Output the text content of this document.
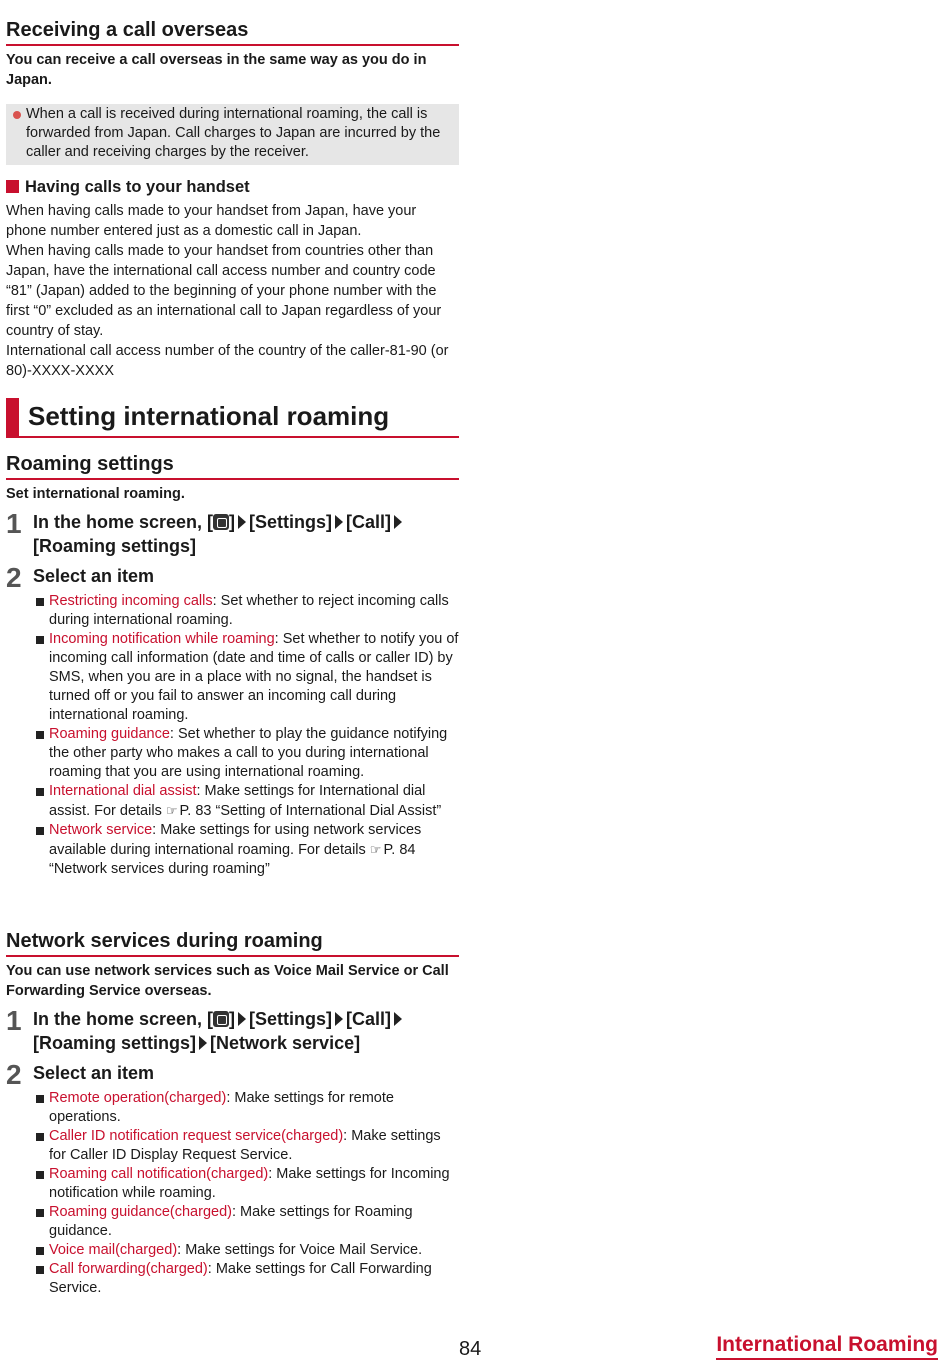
Receiving a call overseas

You can receive a call overseas in the same way as you do in Japan.

When a call is received during international roaming, the call is forwarded from Japan. Call charges to Japan are incurred by the caller and receiving charges by the receiver.
Having calls to your handset
When having calls made to your handset from Japan, have your phone number entered just as a domestic call in Japan.
When having calls made to your handset from countries other than Japan, have the international call access number and country code “81” (Japan) added to the beginning of your phone number with the first “0” excluded as an international call to Japan regardless of your country of stay.
International call access number of the country of the caller-81-90 (or 80)-XXXX-XXXX
Setting international roaming
Roaming settings

Set international roaming.

1 In the home screen, [ ] [Settings] [Call]
[Roaming settings]
2 Select an item
Restricting incoming calls: Set whether to reject incoming calls during international roaming.
Incoming notification while roaming: Set whether to notify you of incoming call information (date and time of calls or caller ID) by SMS, when you are in a place with no signal, the handset is turned off or you fail to answer an incoming call during international roaming.
Roaming guidance: Set whether to play the guidance notifying the other party who makes a call to you during international roaming that you are using international roaming.
International dial assist: Make settings for International dial assist. For details ☞ P. 83 “Setting of International Dial Assist”
Network service: Make settings for using network services available during international roaming. For details ☞ P. 84 “Network services during roaming”
Network services during roaming

You can use network services such as Voice Mail Service or Call Forwarding Service overseas.

1 In the home screen, [ ] [Settings] [Call]
[Roaming settings] [Network service]
2 Select an item
Remote operation(charged): Make settings for remote operations.
Caller ID notification request service(charged): Make settings for Caller ID Display Request Service.
Roaming call notification(charged): Make settings for Incoming notification while roaming.
Roaming guidance(charged): Make settings for Roaming guidance.
Voice mail(charged): Make settings for Voice Mail Service.
Call forwarding(charged): Make settings for Call Forwarding Service.
84	International Roaming
